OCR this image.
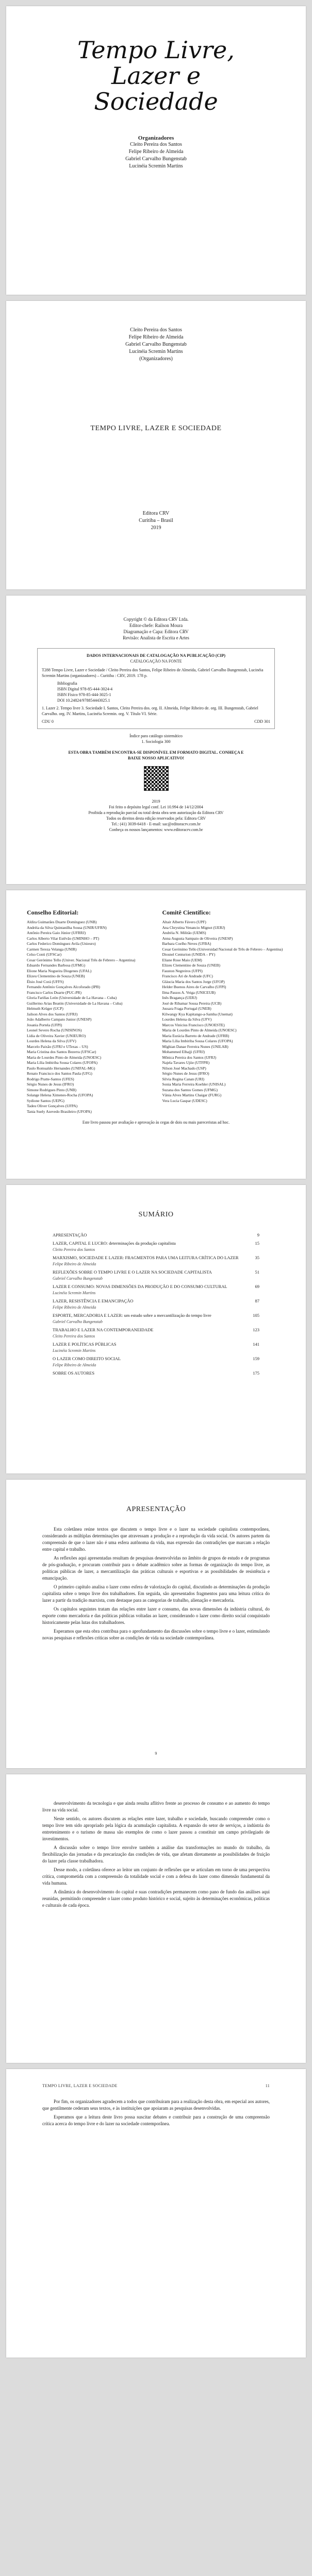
Tempo Livre,
Lazer e
Sociedade
Organizadores
Cleito Pereira dos Santos
Felipe Ribeiro de Almeida
Gabriel Carvalho Bungenstab
Lucinéia Scremin Martins
Cleito Pereira dos Santos
Felipe Ribeiro de Almeida
Gabriel Carvalho Bungenstab
Lucinéia Scremin Martins
(Organizadores)
TEMPO LIVRE, LAZER E SOCIEDADE
Editora CRV
Curitiba – Brasil
2019
Copyright © da Editora CRV Ltda.
Editor-chefe: Railson Moura
Diagramação e Capa: Editora CRV
Revisão: Analista de Escrita e Artes
DADOS INTERNACIONAIS DE CATALOGAÇÃO NA PUBLICAÇÃO (CIP)
CATALOGAÇÃO NA FONTE
T288 Tempo Livre, Lazer e Sociedade / Cleito Pereira dos Santos, Felipe Ribeiro de Almeida, Gabriel Carvalho Bungenstab, Lucinéia Scremin Martins (organizadores) – Curitiba : CRV, 2019. 178 p.
Bibliografia
ISBN Digital 978-85-444-3024-4
ISBN Físico 978-85-444-3025-1
DOI 10.24824/978854443025.1
1. Lazer 2. Tempo livre 3. Sociedade I. Santos, Cleito Pereira dos. org. II. Almeida, Felipe Ribeiro de. org. III. Bungenstab, Gabriel Carvalho. org. IV. Martins, Lucinéia Scremin. org. V. Título VI. Série.
CDU 0	CDD 301
Índice para catálogo sistemático
1. Sociologia 300
ESTA OBRA TAMBÉM ENCONTRA-SE DISPONÍVEL EM FORMATO DIGITAL. CONHEÇA E BAIXE NOSSO APLICATIVO!
2019
Foi feito o depósito legal conf. Lei 10.994 de 14/12/2004
Proibida a reprodução parcial ou total desta obra sem autorização da Editora CRV
Todos os direitos desta edição reservados pela: Editora CRV
Tel.: (41) 3039-6418 - E-mail: sac@editoracrv.com.br
Conheça os nossos lançamentos: www.editoracrv.com.br
Conselho Editorial:
Aldira Guimarães Duarte Domínguez (UNB)
Andréia da Silva Quintanilha Sousa (UNIR/UFRN)
Antônio Pereira Gaio Júnior (UFRRJ)
Carlos Alberto Vilar Estêvão (UMINHO – PT)
Carlos Federico Domínguez Avila (Unieuro)
Carmen Tereza Velanga (UNIR)
Celso Conti (UFSCar)
Cesar Gerónimo Tello (Univer. Nacional Três de Febrero – Argentina)
Eduardo Fernandes Barbosa (UFMG)
Elione Maria Nogueira Diogenes (UFAL)
Elizeu Clementino de Souza (UNEB)
Élsio José Corá (UFFS)
Fernando Antônio Gonçalves Alcoforado (IPB)
Francisco Carlos Duarte (PUC-PR)
Gloria Fariñas León (Universidade de La Havana – Cuba)
Guillermo Arias Beatón (Universidade de La Havana – Cuba)
Helmuth Krüger (UCP)
Jailson Alves dos Santos (UFRJ)
João Adalberto Campato Junior (UNESP)
Josania Portela (UFPI)
Leonel Severo Rocha (UNISINOS)
Lídia de Oliveira Xavier (UNIEURO)
Lourdes Helena da Silva (UFV)
Marcelo Paixão (UFRJ e UTexas – US)
Maria Cristina dos Santos Bezerra (UFSCar)
Maria de Lourdes Pinto de Almeida (UNOESC)
Maria Lília Imbiriba Sousa Colares (UFOPA)
Paulo Romualdo Hernandes (UNIFAL-MG)
Renato Francisco dos Santos Paula (UFG)
Rodrigo Pratte-Santos (UFES)
Sérgio Nunes de Jesus (IFRO)
Simone Rodrigues Pinto (UNB)
Solange Helena Ximenes-Rocha (UFOPA)
Sydione Santos (UEPG)
Tadeu Oliver Gonçalves (UFPA)
Tania Suely Azevedo Brasileiro (UFOPA)
Comitê Científico:
Altair Alberto Fávero (UPF)
Ana Chrystina Venancio Mignot (UERJ)
Andréia N. Militão (UEMS)
Anna Augusta Sampaio de Oliveira (UNESP)
Barbara Coelho Neves (UFBA)
Cesar Gerónimo Tello (Universidad Nacional de Três de Febrero – Argentina)
Diosnel Centurion (UNIDA – PY)
Eliane Rose Maio (UEM)
Elizeu Clementino de Souza (UNEB)
Fauston Negreiros (UFPI)
Francisco Ari de Andrade (UFC)
Gláucia Maria dos Santos Jorge (UFOP)
Helder Buenos Aires de Carvalho (UFPI)
Ilma Passos A. Veiga (UNICEUB)
Inês Bragança (UERJ)
José de Ribamar Sousa Pereira (UCB)
Jussara Fraga Portugal (UNEB)
Kilwangy Kya Kapitango-a-Samba (Unemat)
Lourdes Helena da Silva (UFV)
Marcos Vinicius Francisco (UNOESTE)
Maria de Lourdes Pinto de Almeida (UNOESC)
Maria Eurácia Barreto de Andrade (UFRB)
Maria Lília Imbiriba Sousa Colares (UFOPA)
Míghian Danae Ferreira Nunes (UNILAB)
Mohammed Elhajji (UFRJ)
Mônica Pereira dos Santos (UFRJ)
Najela Tavares Ujiie (UTFPR)
Nilson José Machado (USP)
Sérgio Nunes de Jesus (IFRO)
Silvia Regina Canan (URI)
Sonia Maria Ferreira Koehler (UNISAL)
Suzana dos Santos Gomes (UFMG)
Vânia Alves Martins Chaigar (FURG)
Vera Lucia Gaspar (UDESC)
Este livro passou por avaliação e aprovação às cegas de dois ou mais pareceristas ad hoc.
SUMÁRIO
APRESENTAÇÃO	9
LAZER, CAPITAL E LUCRO: determinações da produção capitalista	15
Cleito Pereira dos Santos
MARXISMO, SOCIEDADE E LAZER: FRAGMENTOS PARA UMA LEITURA CRÍTICA DO LAZER	35
Felipe Ribeiro de Almeida
REFLEXÕES SOBRE O TEMPO LIVRE E O LAZER NA SOCIEDADE CAPITALISTA	51
Gabriel Carvalho Bungenstab
LAZER E CONSUMO: NOVAS DIMENSÕES DA PRODUÇÃO E DO CONSUMO CULTURAL	69
Lucinéia Scremin Martins
LAZER, RESISTÊNCIA E EMANCIPAÇÃO	87
Felipe Ribeiro de Almeida
ESPORTE, MERCADORIA E LAZER: um estudo sobre a mercantilização do tempo livre	105
Gabriel Carvalho Bungenstab
TRABALHO E LAZER NA CONTEMPORANEIDADE	123
Cleito Pereira dos Santos
LAZER E POLÍTICAS PÚBLICAS	141
Lucinéia Scremin Martins
O LAZER COMO DIREITO SOCIAL	159
Felipe Ribeiro de Almeida
SOBRE OS AUTORES	175
APRESENTAÇÃO

Esta coletânea reúne textos que discutem o tempo livre e o lazer na sociedade capitalista contemporânea, considerando as múltiplas determinações que atravessam a produção e a reprodução da vida social. Os autores partem da compreensão de que o lazer não é uma esfera autônoma da vida, mas expressão das contradições que marcam a relação entre capital e trabalho.

As reflexões aqui apresentadas resultam de pesquisas desenvolvidas no âmbito de grupos de estudo e de programas de pós-graduação, e procuram contribuir para o debate acadêmico sobre as formas de organização do tempo livre, as políticas públicas de lazer, a mercantilização das práticas culturais e esportivas e as possibilidades de resistência e emancipação.

O primeiro capítulo analisa o lazer como esfera de valorização do capital, discutindo as determinações da produção capitalista sobre o tempo livre dos trabalhadores. Em seguida, são apresentados fragmentos para uma leitura crítica do lazer a partir da tradição marxista, com destaque para as categorias de trabalho, alienação e mercadoria.

Os capítulos seguintes tratam das relações entre lazer e consumo, das novas dimensões da indústria cultural, do esporte como mercadoria e das políticas públicas voltadas ao lazer, considerando o lazer como direito social conquistado historicamente pelas lutas dos trabalhadores.

Esperamos que esta obra contribua para o aprofundamento das discussões sobre o tempo livre e o lazer, estimulando novas pesquisas e reflexões críticas sobre as condições de vida na sociedade contemporânea.

9

desenvolvimento da tecnologia e que ainda resulta aflitivo frente ao processo de consumo e ao aumento do tempo livre na vida social.

Neste sentido, os autores discutem as relações entre lazer, trabalho e sociedade, buscando compreender como o tempo livre tem sido apropriado pela lógica da acumulação capitalista. A expansão do setor de serviços, a indústria do entretenimento e o turismo de massa são exemplos de como o lazer passou a constituir um campo privilegiado de investimentos.

A discussão sobre o tempo livre envolve também a análise das transformações no mundo do trabalho, da flexibilização das jornadas e da precarização das condições de vida, que afetam diretamente as possibilidades de fruição do lazer pela classe trabalhadora.

Desse modo, a coletânea oferece ao leitor um conjunto de reflexões que se articulam em torno de uma perspectiva crítica, comprometida com a compreensão da totalidade social e com a defesa do lazer como dimensão fundamental da vida humana.

A dinâmica do desenvolvimento do capital e suas contradições permanecem como pano de fundo das análises aqui reunidas, permitindo compreender o lazer como produto histórico e social, sujeito às determinações econômicas, políticas e culturais de cada época.

TEMPO LIVRE, LAZER E SOCIEDADE	11

Por fim, os organizadores agradecem a todos que contribuíram para a realização desta obra, em especial aos autores, que gentilmente cederam seus textos, e às instituições que apoiaram as pesquisas desenvolvidas.

Esperamos que a leitura deste livro possa suscitar debates e contribuir para a construção de uma compreensão crítica acerca do tempo livre e do lazer na sociedade contemporânea.
